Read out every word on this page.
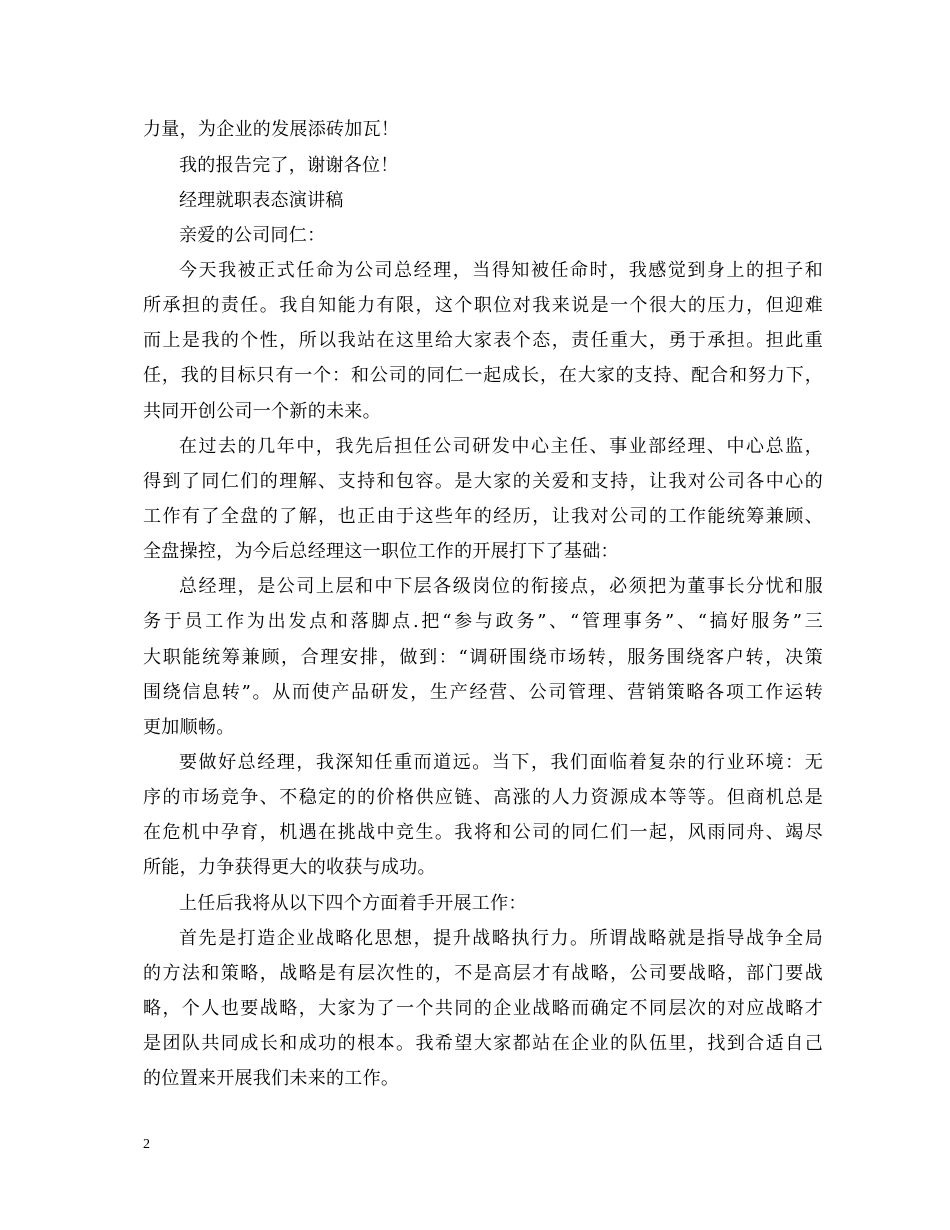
力量，为企业的发展添砖加瓦！
我的报告完了，谢谢各位！
经理就职表态演讲稿
亲爱的公司同仁：
今天我被正式任命为公司总经理，当得知被任命时，我感觉到身上的担子和
所承担的责任。我自知能力有限，这个职位对我来说是一个很大的压力，但迎难
而上是我的个性，所以我站在这里给大家表个态，责任重大，勇于承担。担此重
任，我的目标只有一个：和公司的同仁一起成长，在大家的支持、配合和努力下，
共同开创公司一个新的未来。
在过去的几年中，我先后担任公司研发中心主任、事业部经理、中心总监，
得到了同仁们的理解、支持和包容。是大家的关爱和支持，让我对公司各中心的
工作有了全盘的了解，也正由于这些年的经历，让我对公司的工作能统筹兼顾、
全盘操控，为今后总经理这一职位工作的开展打下了基础：
总经理，是公司上层和中下层各级岗位的衔接点，必须把为董事长分忧和服
务于员工作为出发点和落脚点.把“参与政务”、“管理事务”、“搞好服务”三
大职能统筹兼顾，合理安排，做到：“调研围绕市场转，服务围绕客户转，决策
围绕信息转”。从而使产品研发，生产经营、公司管理、营销策略各项工作运转
更加顺畅。
要做好总经理，我深知任重而道远。当下，我们面临着复杂的行业环境：无
序的市场竞争、不稳定的的价格供应链、高涨的人力资源成本等等。但商机总是
在危机中孕育，机遇在挑战中竞生。我将和公司的同仁们一起，风雨同舟、竭尽
所能，力争获得更大的收获与成功。
上任后我将从以下四个方面着手开展工作：
首先是打造企业战略化思想，提升战略执行力。所谓战略就是指导战争全局
的方法和策略，战略是有层次性的，不是高层才有战略，公司要战略，部门要战
略，个人也要战略，大家为了一个共同的企业战略而确定不同层次的对应战略才
是团队共同成长和成功的根本。我希望大家都站在企业的队伍里，找到合适自己
的位置来开展我们未来的工作。
2
